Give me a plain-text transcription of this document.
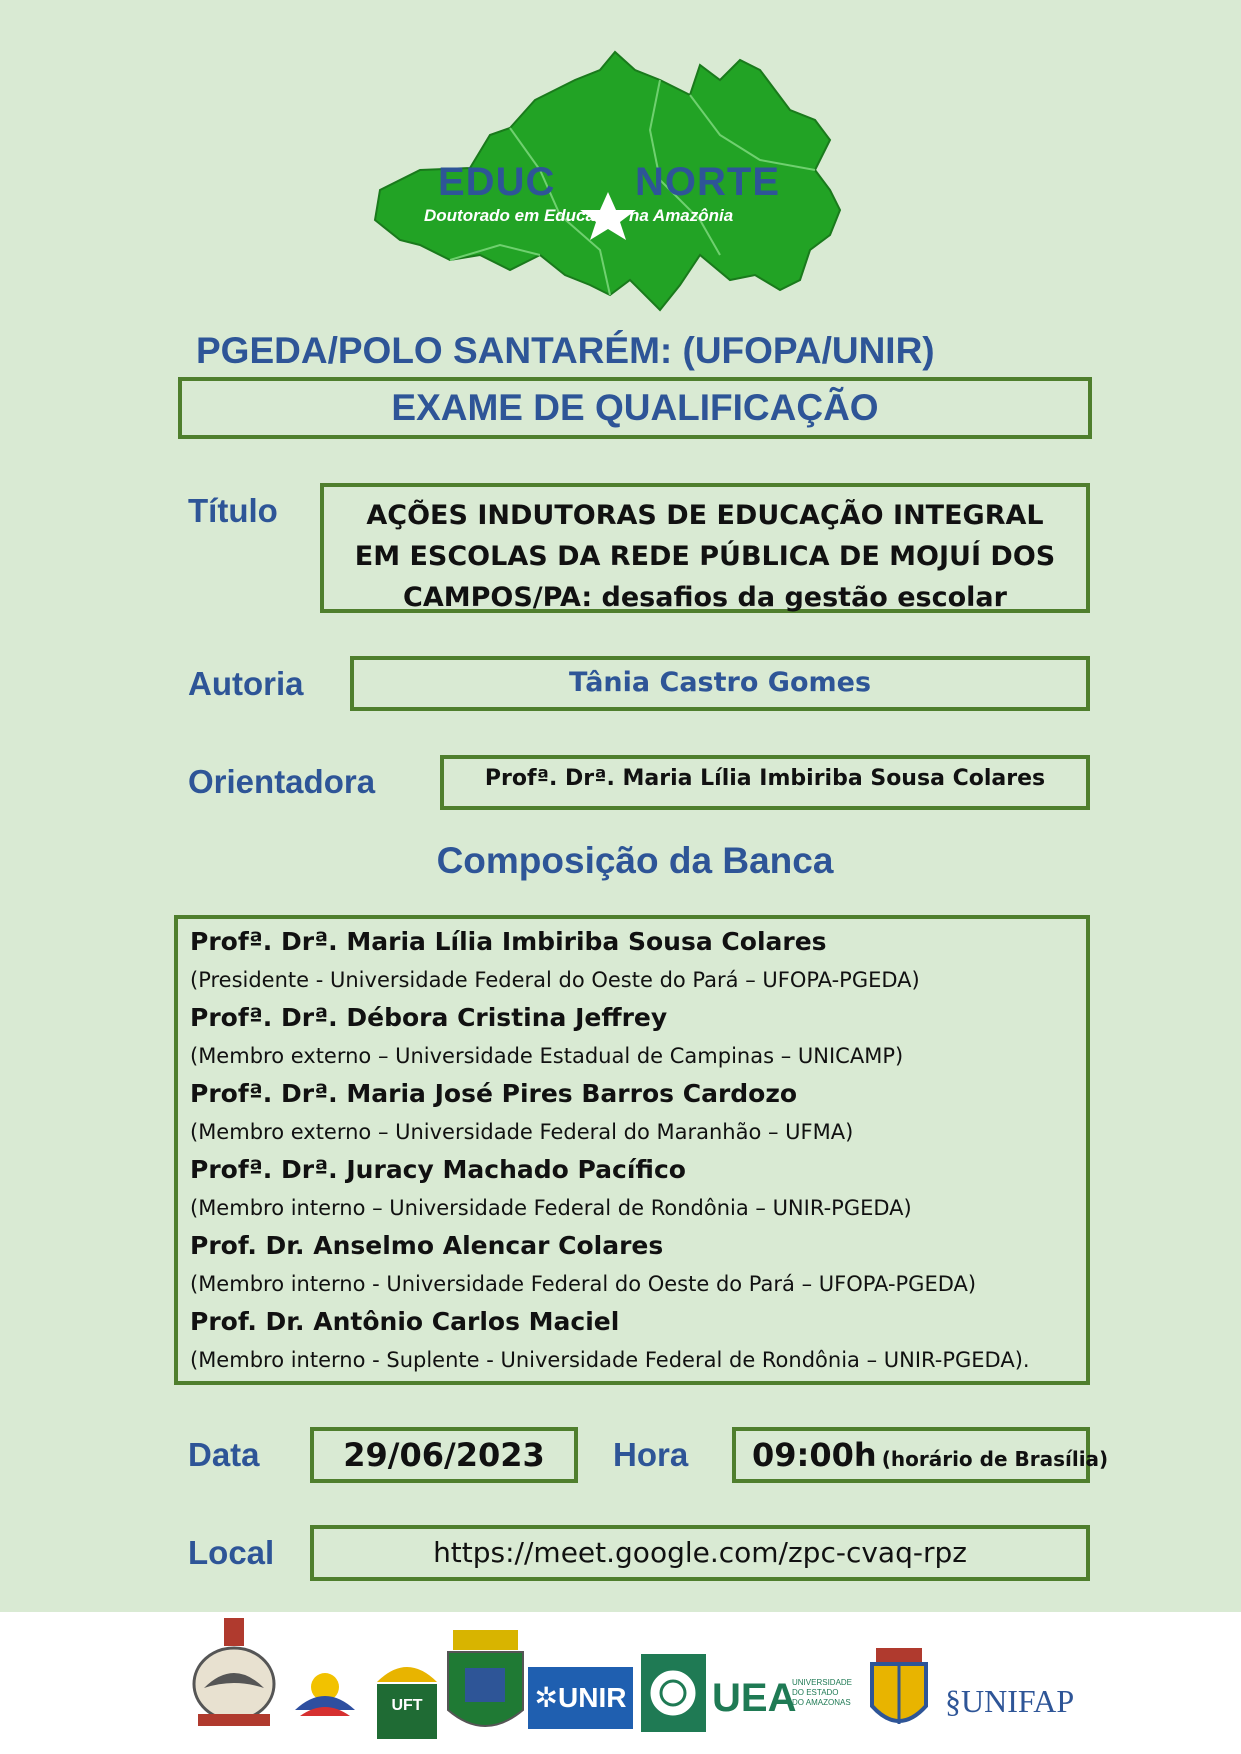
EDUC NORTE
Doutorado em Educação na Amazônia
PGEDA/POLO SANTARÉM: (UFOPA/UNIR)
EXAME DE QUALIFICAÇÃO
Título	AÇÕES INDUTORAS DE EDUCAÇÃO INTEGRAL EM ESCOLAS DA REDE PÚBLICA DE MOJUÍ DOS CAMPOS/PA: desafios da gestão escolar
Autoria	Tânia Castro Gomes
Orientadora	Profª. Drª. Maria Lília Imbiriba Sousa Colares
Composição da Banca
Profª. Drª. Maria Lília Imbiriba Sousa Colares
(Presidente - Universidade Federal do Oeste do Pará – UFOPA-PGEDA)
Profª. Drª. Débora Cristina Jeffrey
(Membro externo – Universidade Estadual de Campinas – UNICAMP)
Profª. Drª. Maria José Pires Barros Cardozo
(Membro externo – Universidade Federal do Maranhão – UFMA)
Profª. Drª. Juracy Machado Pacífico
(Membro interno – Universidade Federal de Rondônia – UNIR-PGEDA)
Prof. Dr. Anselmo Alencar Colares
(Membro interno - Universidade Federal do Oeste do Pará – UFOPA-PGEDA)
Prof. Dr. Antônio Carlos Maciel
(Membro interno - Suplente - Universidade Federal de Rondônia – UNIR-PGEDA).
Data	29/06/2023	Hora	09:00h (horário de Brasília)
Local	https://meet.google.com/zpc-cvaq-rpz
UFT	✲UNIR UEA
UNIVERSIDADE DO ESTADO DO AMAZONAS	§UNIFAP
